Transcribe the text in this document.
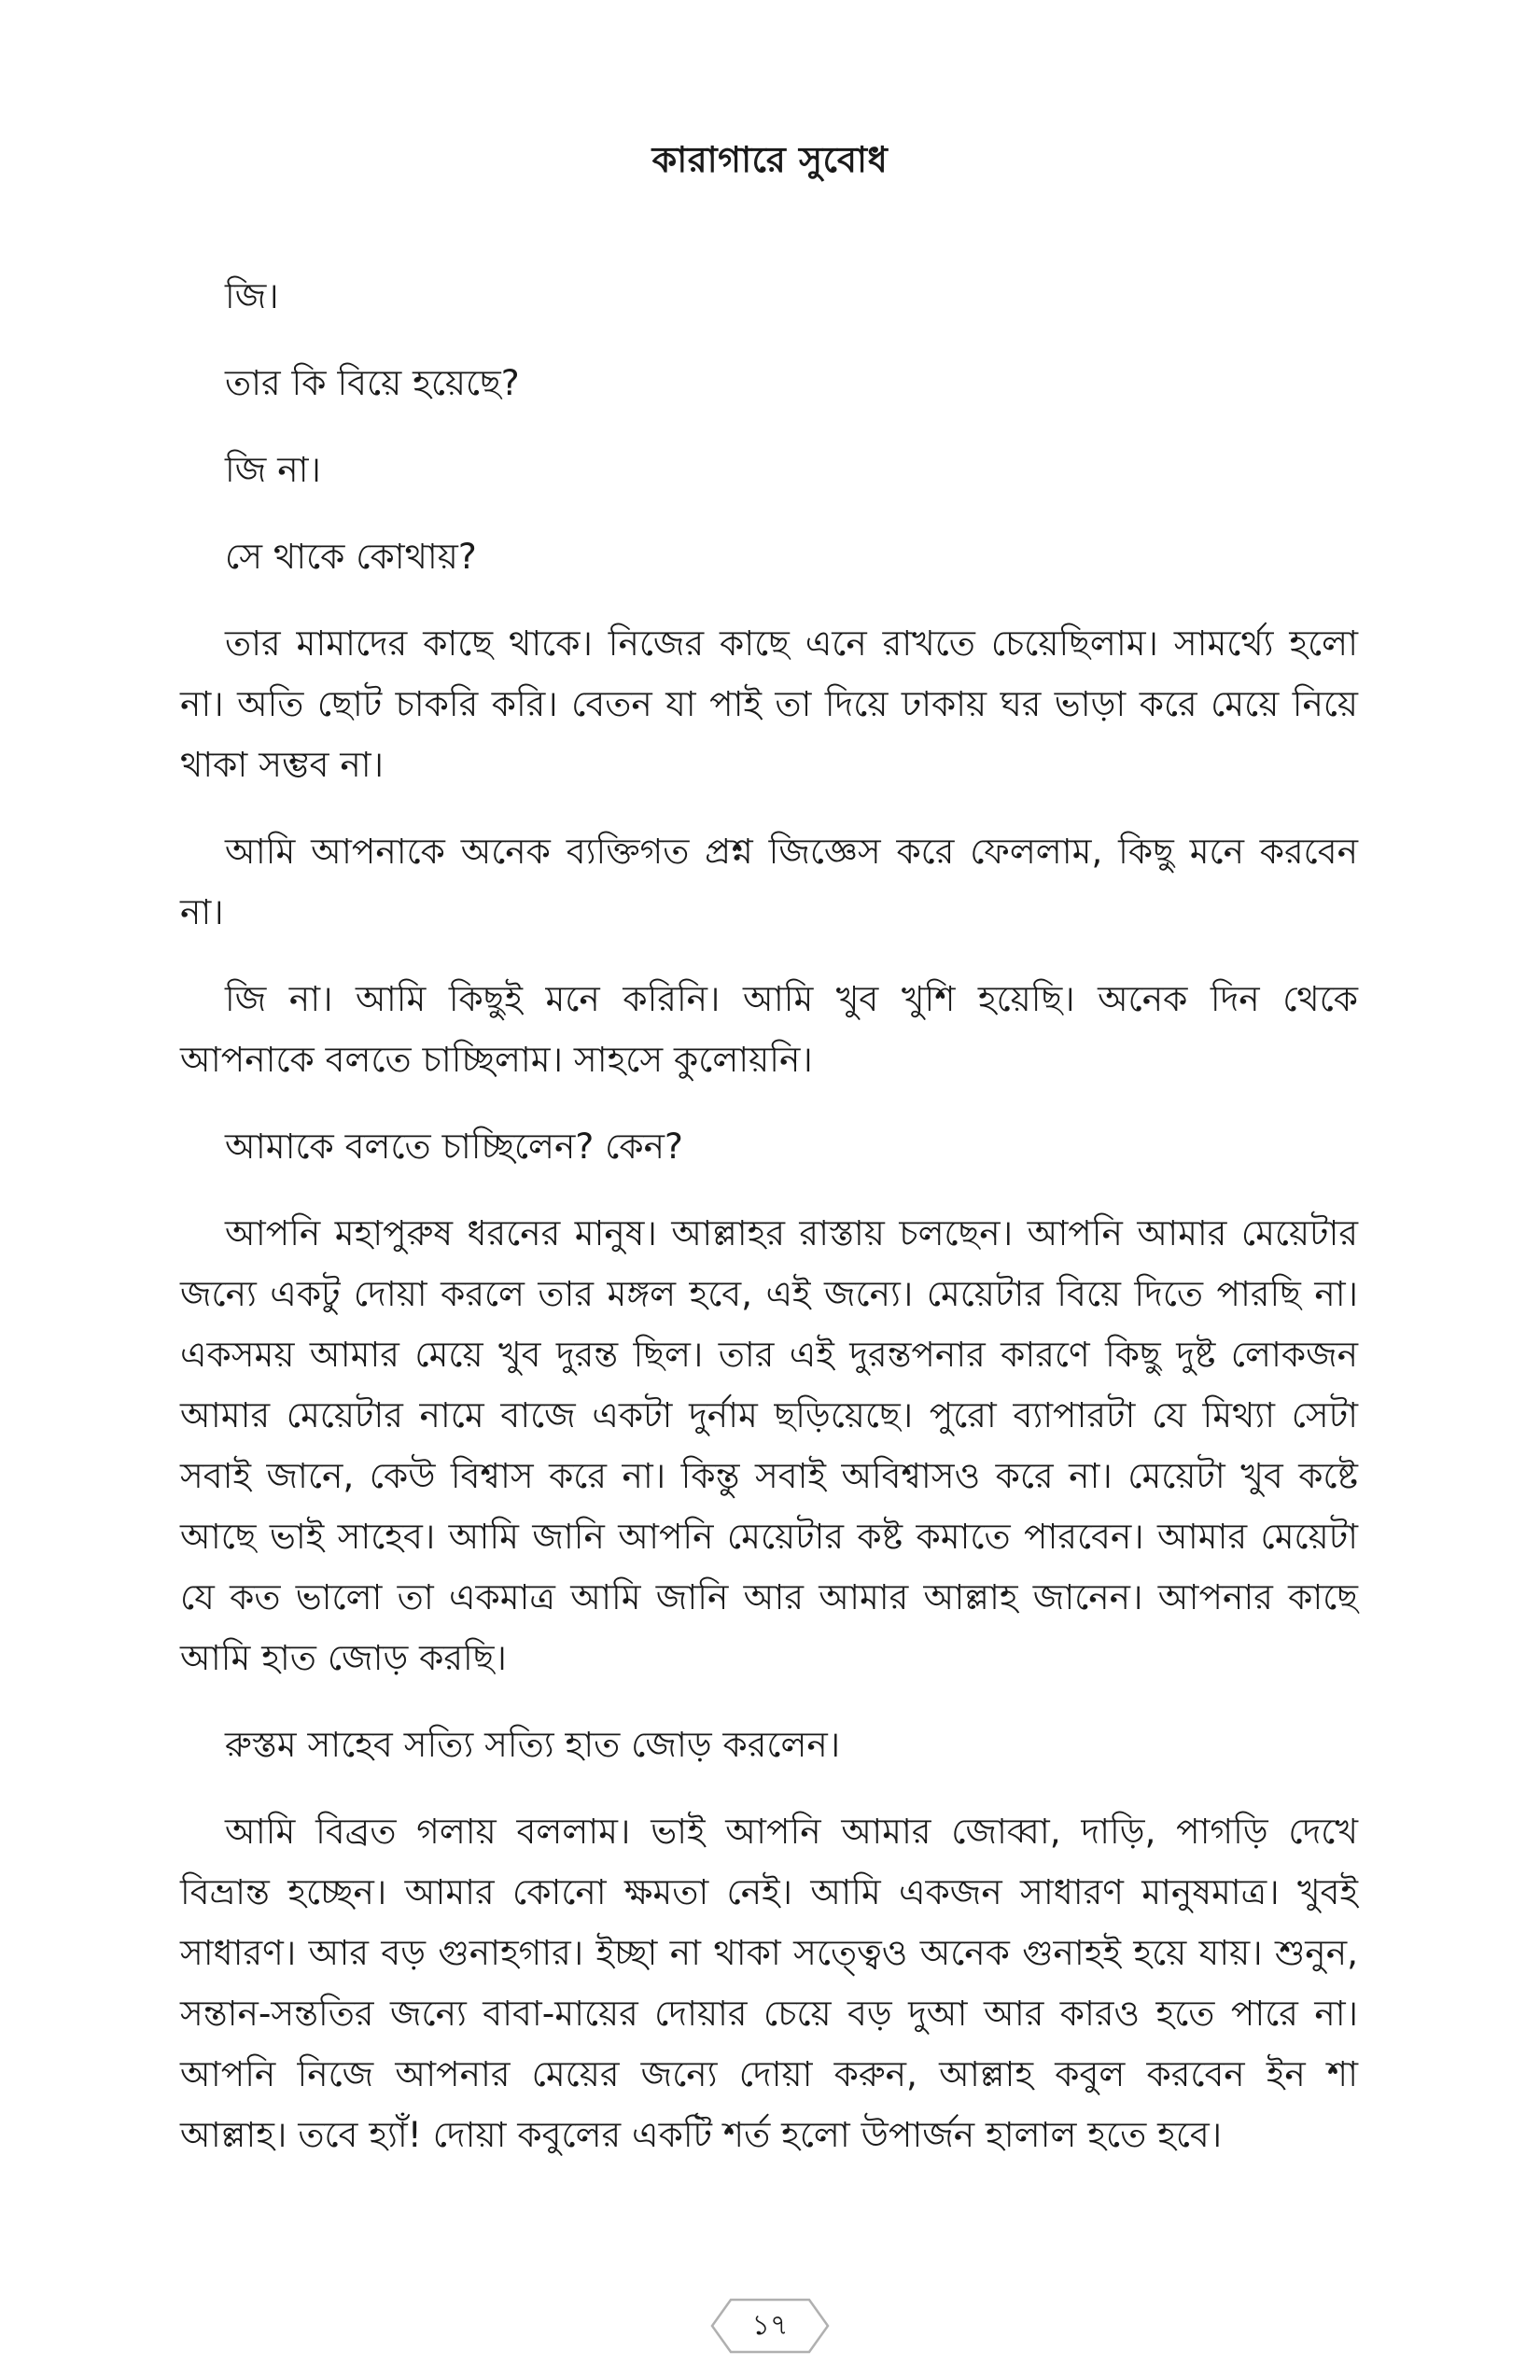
কারাগারে সুবোধ

জি।

তার কি বিয়ে হয়েছে?

জি না।

সে থাকে কোথায়?

তার মামাদের কাছে থাকে। নিজের কাছে এনে রাখতে চেয়েছিলাম। সামর্থ্যে হলো না। অতি ছোট চাকরি করি। বেতন যা পাই তা দিয়ে ঢাকায় ঘর ভাড়া করে মেয়ে নিয়ে থাকা সম্ভব না।

আমি আপনাকে অনেক ব্যক্তিগত প্রশ্ন জিজ্ঞেস করে ফেললাম, কিছু মনে করবেন না।

জি না। আমি কিছুই মনে করিনি। আমি খুব খুশি হয়েছি। অনেক দিন থেকে আপনাকে বলতে চাচ্ছিলাম। সাহসে কুলোয়নি।

আমাকে বলতে চাচ্ছিলেন? কেন?

আপনি মহাপুরুষ ধরনের মানুষ। আল্লাহর রাস্তায় চলছেন। আপনি আমার মেয়েটার জন্যে একটু দোয়া করলে তার মঙ্গল হবে, এই জন্যে। মেয়েটার বিয়ে দিতে পারছি না। একসময় আমার মেয়ে খুব দুরন্ত ছিল। তার এই দুরন্তপনার কারণে কিছু দুষ্ট লোকজন আমার মেয়েটার নামে বাজে একটা দুর্নাম ছড়িয়েছে। পুরো ব্যাপারটা যে মিথ্যা সেটা সবাই জানে, কেউ বিশ্বাস করে না। কিন্তু সবাই অবিশ্বাসও করে না। মেয়েটা খুব কষ্টে আছে ভাই সাহেব। আমি জানি আপনি মেয়েটার কষ্ট কমাতে পারবেন। আমার মেয়েটা যে কত ভালো তা একমাত্র আমি জানি আর আমার আল্লাহ জানেন। আপনার কাছে আমি হাত জোড় করছি।

রুস্তম সাহেব সত্যি সত্যি হাত জোড় করলেন।

আমি বিব্রত গলায় বললাম। ভাই আপনি আমার জোব্বা, দাড়ি, পাগড়ি দেখে বিভ্রান্ত হচ্ছেন। আমার কোনো ক্ষমতা নেই। আমি একজন সাধারণ মানুষমাত্র। খুবই সাধারণ। আর বড় গুনাহগার। ইচ্ছা না থাকা সত্ত্বেও অনেক গুনাহই হয়ে যায়। শুনুন, সন্তান-সন্ততির জন্যে বাবা-মায়ের দোয়ার চেয়ে বড় দুআ আর কারও হতে পারে না। আপনি নিজে আপনার মেয়ের জন্যে দোয়া করুন, আল্লাহ কবুল করবেন ইন শা আল্লাহ। তবে হ্যাঁ! দোয়া কবুলের একটি শর্ত হলো উপার্জন হালাল হতে হবে।

১৭
